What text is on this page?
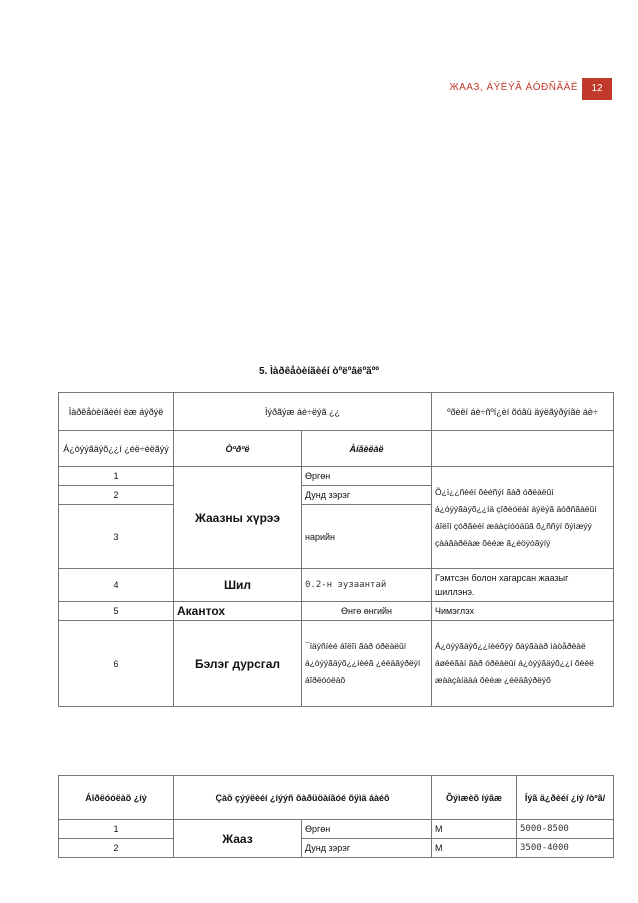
ЖААЗ, ÁÝËÝÃ ÁÓÐÑÃÀË	12
5. Ìàðêåòèíãèéí òºëºâëºãºº
Ìàðêåòèíãèéí èæ áýðýë	Ìýðãýæ áè÷ëýã ¿¿		ºðèëí áè÷ñºí¿èí õóâü äýëãýðýíãè áè÷
Á¿òýýãäýõ¿¿í ¿éë÷èëãýý	Òºðºë	Àíãèëàë	
1	Жаазны хүрээ	Өргөн	Õ¿ì¿¿ñèéí õèéñýí ãàð óðëàëûí á¿òýýãäýõ¿¿íä çîðèóëàí áýëýã äóðñãàëûí áîëîí çóðãèéí æààçíóóäûã õ¿ññýí õýìæýý çààâàðëàæ õèéæ ã¿éöýòãýíý
2		Дунд зэрэг	
3		нарийн	
4	Шил	0.2-н зузаантай	Гэмтсэн болон хагарсан жаазыг шиллэнэ.
5	Акантох	Өнгө өнгийн	Чимэглэх
6	Бэлэг дурсгал	¯íäýñíèé áîëîì ãàð óðëàëûí á¿òýýãäýõ¿¿íèéã ¿éëäâýðëýí áîðëóóëàõ	Á¿òýýãäýõ¿¿íèéõýý õàÿãààð ìàòåðèàë áøèëãàí ãàð óðëàëûí á¿òýýãäýõ¿¿í õèéë æààçàíäàà õèéæ ¿éëäâýðëýõ
Áîðëóóëàõ ¿íý	Çàõ çýýëèéí ¿íýýñ õàðüöàíãóé õÿìä áàéõ		Õýìæèõ íýãæ	Íýã ä¿ðèéí ¿íý /òºã/
1	Жааз	Өргөн	М	5000-8500
2		Дунд зэрэг	М	3500-4000
